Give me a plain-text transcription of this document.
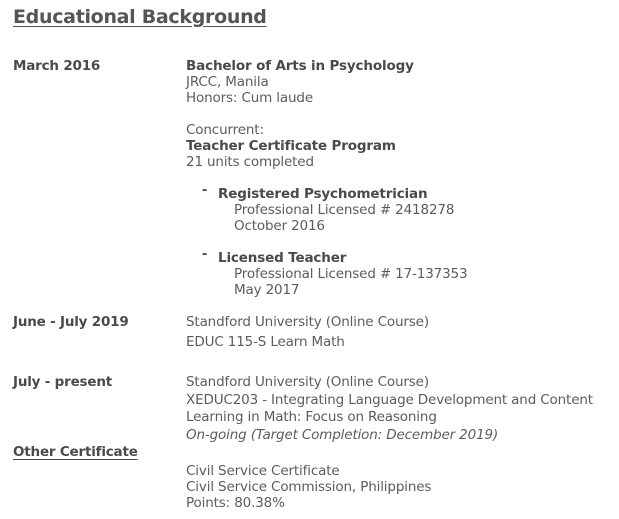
Educational Background
March 2016	Bachelor of Arts in Psychology
JRCC, Manila
Honors: Cum laude
Concurrent:
Teacher Certificate Program
21 units completed
- Registered Psychometrician
Professional Licensed # 2418278
October 2016
- Licensed Teacher
Professional Licensed # 17-137353
May 2017
June - July 2019	Standford University (Online Course)
EDUC 115-S Learn Math
July - present	Standford University (Online Course)
XEDUC203 - Integrating Language Development and Content
Learning in Math: Focus on Reasoning
On-going (Target Completion: December 2019)
Other Certificate
Civil Service Certificate
Civil Service Commission, Philippines
Points: 80.38%
